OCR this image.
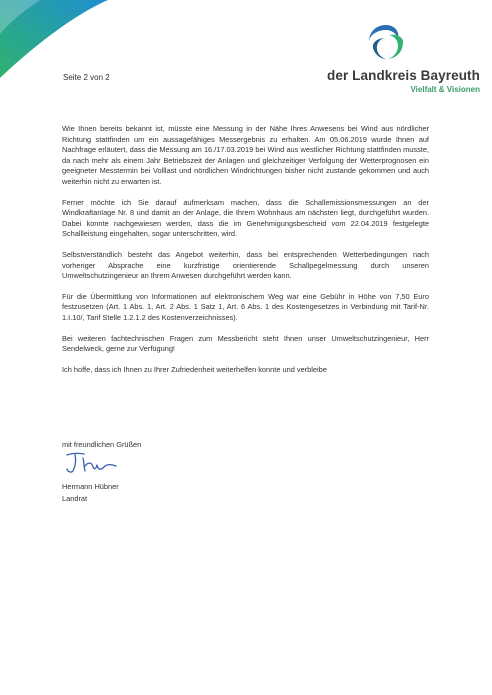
der Landkreis Bayreuth
Vielfalt & Visionen
Seite 2 von 2

Wie Ihnen bereits bekannt ist, müsste eine Messung in der Nähe Ihres Anwesens bei Wind aus nördlicher Richtung stattfinden um ein aussagefähiges Messergebnis zu erhalten. Am 05.06.2019 wurde Ihnen auf Nachfrage erläutert, dass die Messung am 16./17.03.2019 bei Wind aus westlicher Richtung stattfinden musste, da nach mehr als einem Jahr Betriebszeit der Anlagen und gleichzeitiger Verfolgung der Wetterprognosen ein geeigneter Messtermin bei Volllast und nördlichen Windrichtungen bisher nicht zustande gekommen und auch weiterhin nicht zu erwarten ist.

Ferner möchte ich Sie darauf aufmerksam machen, dass die Schallemissionsmessungen an der Windkraftanlage Nr. 8 und damit an der Anlage, die Ihrem Wohnhaus am nächsten liegt, durchgeführt wurden. Dabei konnte nachgewiesen werden, dass die im Genehmigungsbescheid vom 22.04.2019 festgelegte Schallleistung eingehalten, sogar unterschritten, wird.

Selbstverständlich besteht das Angebot weiterhin, dass bei entsprechenden Wetterbedingungen nach vorheriger Absprache eine kurzfristige orientierende Schallpegelmessung durch unseren Umweltschutzingenieur an Ihrem Anwesen durchgeführt werden kann.

Für die Übermittlung von Informationen auf elektronischem Weg war eine Gebühr in Höhe von 7,50 Euro festzusetzen (Art. 1 Abs. 1, Art. 2 Abs. 1 Satz 1, Art. 6 Abs. 1 des Kostengesetzes in Verbindung mit Tarif-Nr. 1.I.10/, Tarif Stelle 1.2.1.2 des Kostenverzeichnisses).

Bei weiteren fachtechnischen Fragen zum Messbericht steht Ihnen unser Umweltschutzingenieur, Herr Sendelweck, gerne zur Verfügung!

Ich hoffe, dass ich Ihnen zu Ihrer Zufriedenheit weiterhelfen konnte und verbleibe

mit freundlichen Grüßen
Hermann Hübner
Landrat
